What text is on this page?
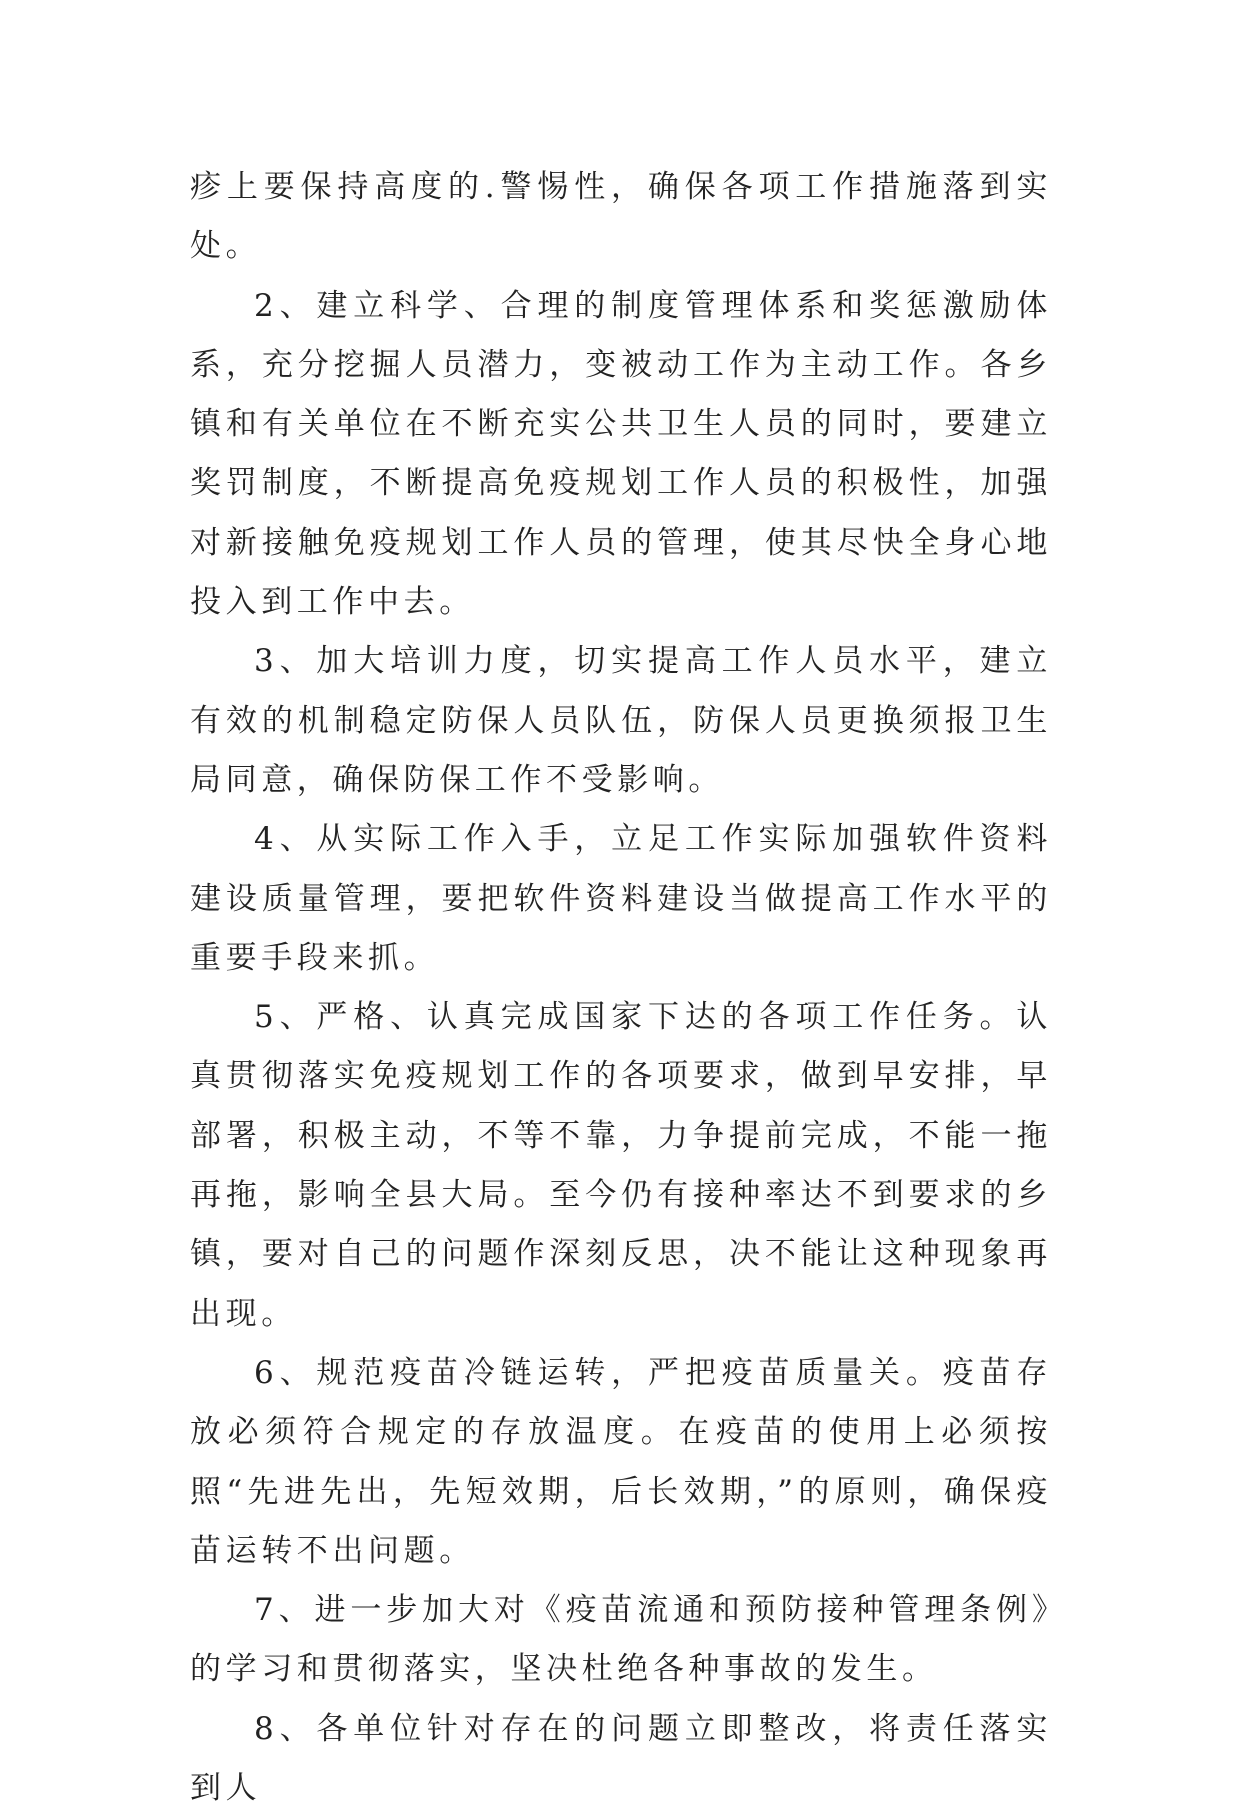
疹上要保持高度的.警惕性，确保各项工作措施落到实处。

2、建立科学、合理的制度管理体系和奖惩激励体系，充分挖掘人员潜力，变被动工作为主动工作。各乡镇和有关单位在不断充实公共卫生人员的同时，要建立奖罚制度，不断提高免疫规划工作人员的积极性，加强对新接触免疫规划工作人员的管理，使其尽快全身心地投入到工作中去。

3、加大培训力度，切实提高工作人员水平，建立有效的机制稳定防保人员队伍，防保人员更换须报卫生局同意，确保防保工作不受影响。

4、从实际工作入手，立足工作实际加强软件资料建设质量管理，要把软件资料建设当做提高工作水平的重要手段来抓。

5、严格、认真完成国家下达的各项工作任务。认真贯彻落实免疫规划工作的各项要求，做到早安排，早部署，积极主动，不等不靠，力争提前完成，不能一拖再拖，影响全县大局。至今仍有接种率达不到要求的乡镇，要对自己的问题作深刻反思，决不能让这种现象再出现。

6、规范疫苗冷链运转，严把疫苗质量关。疫苗存放必须符合规定的存放温度。在疫苗的使用上必须按照“先进先出，先短效期，后长效期，”的原则，确保疫苗运转不出问题。

7、进一步加大对《疫苗流通和预防接种管理条例》的学习和贯彻落实，坚决杜绝各种事故的发生。

8、各单位针对存在的问题立即整改，将责任落实到人
